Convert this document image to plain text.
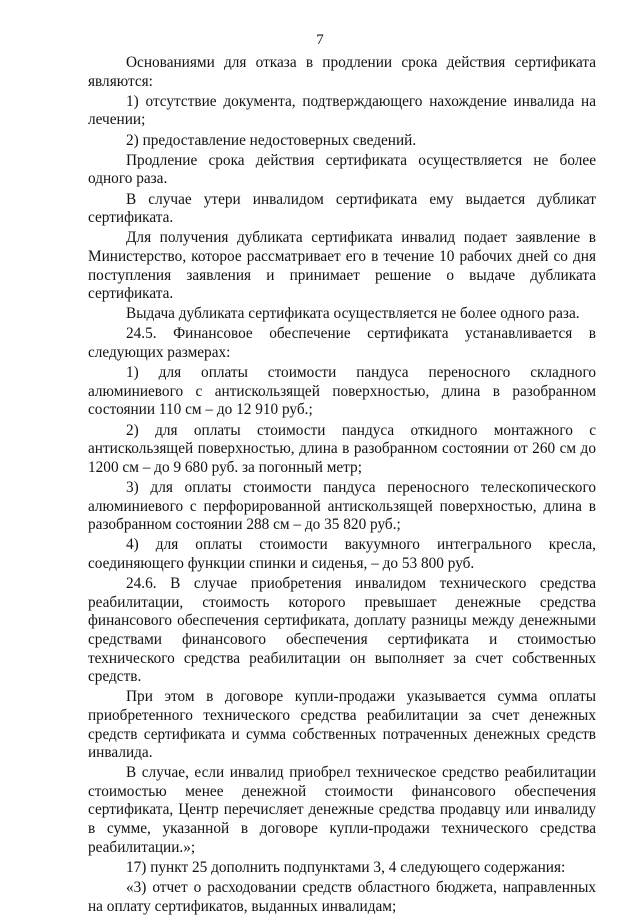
7

Основаниями для отказа в продлении срока действия сертификата являются:

1) отсутствие документа, подтверждающего нахождение инвалида на лечении;

2) предоставление недостоверных сведений.

Продление срока действия сертификата осуществляется не более одного раза.

В случае утери инвалидом сертификата ему выдается дубликат сертификата.

Для получения дубликата сертификата инвалид подает заявление в Министерство, которое рассматривает его в течение 10 рабочих дней со дня поступления заявления и принимает решение о выдаче дубликата сертификата.

Выдача дубликата сертификата осуществляется не более одного раза.

24.5. Финансовое обеспечение сертификата устанавливается в следующих размерах:

1) для оплаты стоимости пандуса переносного складного алюминиевого с антискользящей поверхностью, длина в разобранном состоянии 110 см – до 12 910 руб.;

2) для оплаты стоимости пандуса откидного монтажного с антискользящей поверхностью, длина в разобранном состоянии от 260 см до 1200 см – до 9 680 руб. за погонный метр;

3) для оплаты стоимости пандуса переносного телескопического алюминиевого с перфорированной антискользящей поверхностью, длина в разобранном состоянии 288 см – до 35 820 руб.;

4) для оплаты стоимости вакуумного интегрального кресла, соединяющего функции спинки и сиденья, – до 53 800 руб.

24.6. В случае приобретения инвалидом технического средства реабилитации, стоимость которого превышает денежные средства финансового обеспечения сертификата, доплату разницы между денежными средствами финансового обеспечения сертификата и стоимостью технического средства реабилитации он выполняет за счет собственных средств.

При этом в договоре купли-продажи указывается сумма оплаты приобретенного технического средства реабилитации за счет денежных средств сертификата и сумма собственных потраченных денежных средств инвалида.

В случае, если инвалид приобрел техническое средство реабилитации стоимостью менее денежной стоимости финансового обеспечения сертификата, Центр перечисляет денежные средства продавцу или инвалиду в сумме, указанной в договоре купли-продажи технического средства реабилитации.»;

17) пункт 25 дополнить подпунктами 3, 4 следующего содержания:

«3) отчет о расходовании средств областного бюджета, направленных на оплату сертификатов, выданных инвалидам;
